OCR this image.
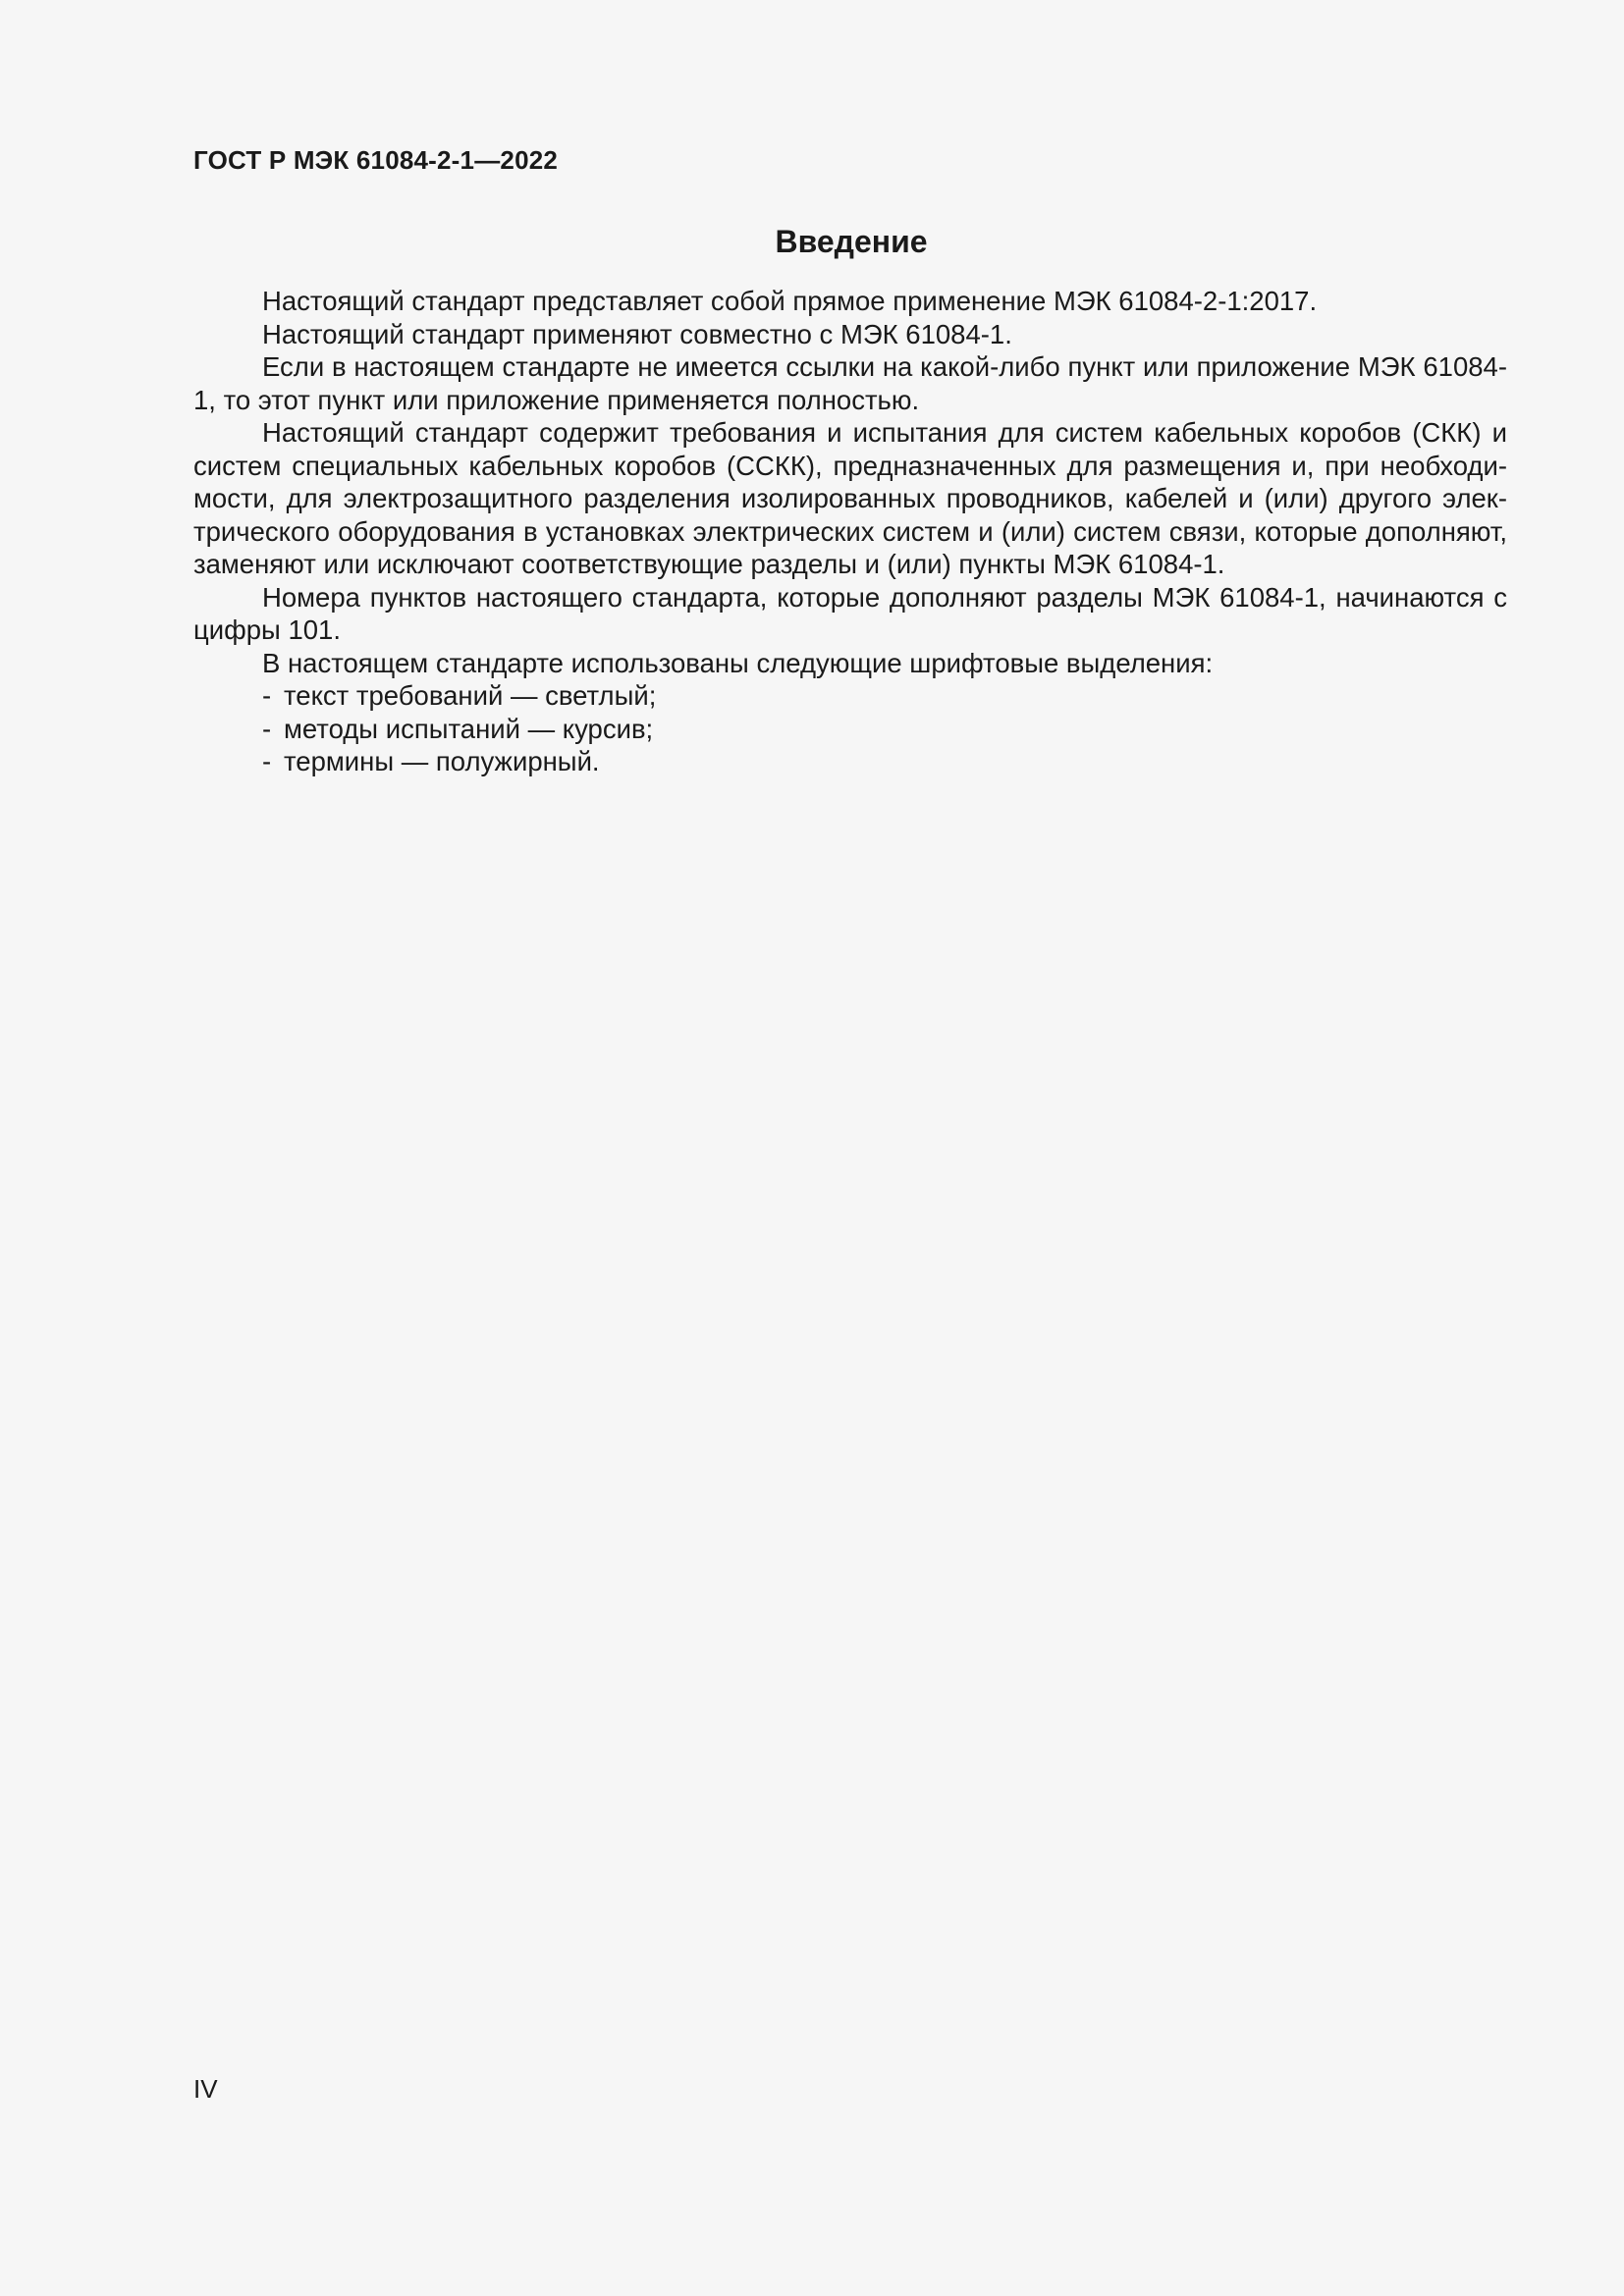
ГОСТ Р МЭК 61084-2-1—2022
Введение

Настоящий стандарт представляет собой прямое применение МЭК 61084-2-1:2017.

Настоящий стандарт применяют совместно с МЭК 61084-1.

Если в настоящем стандарте не имеется ссылки на какой-либо пункт или приложение МЭК 61084-1, то этот пункт или приложение применяется полностью.

Настоящий стандарт содержит требования и испытания для систем кабельных коробов (СКК) и систем специальных кабельных коробов (ССКК), предназначенных для размещения и, при необходимости, для электрозащитного разделения изолированных проводников, кабелей и (или) другого электрического оборудования в установках электрических систем и (или) систем связи, которые дополняют, заменяют или исключают соответствующие разделы и (или) пункты МЭК 61084-1.

Номера пунктов настоящего стандарта, которые дополняют разделы МЭК 61084-1, начинаются с цифры 101.

В настоящем стандарте использованы следующие шрифтовые выделения:

- текст требований — светлый;
- методы испытаний — курсив;
- термины — полужирный.
IV
